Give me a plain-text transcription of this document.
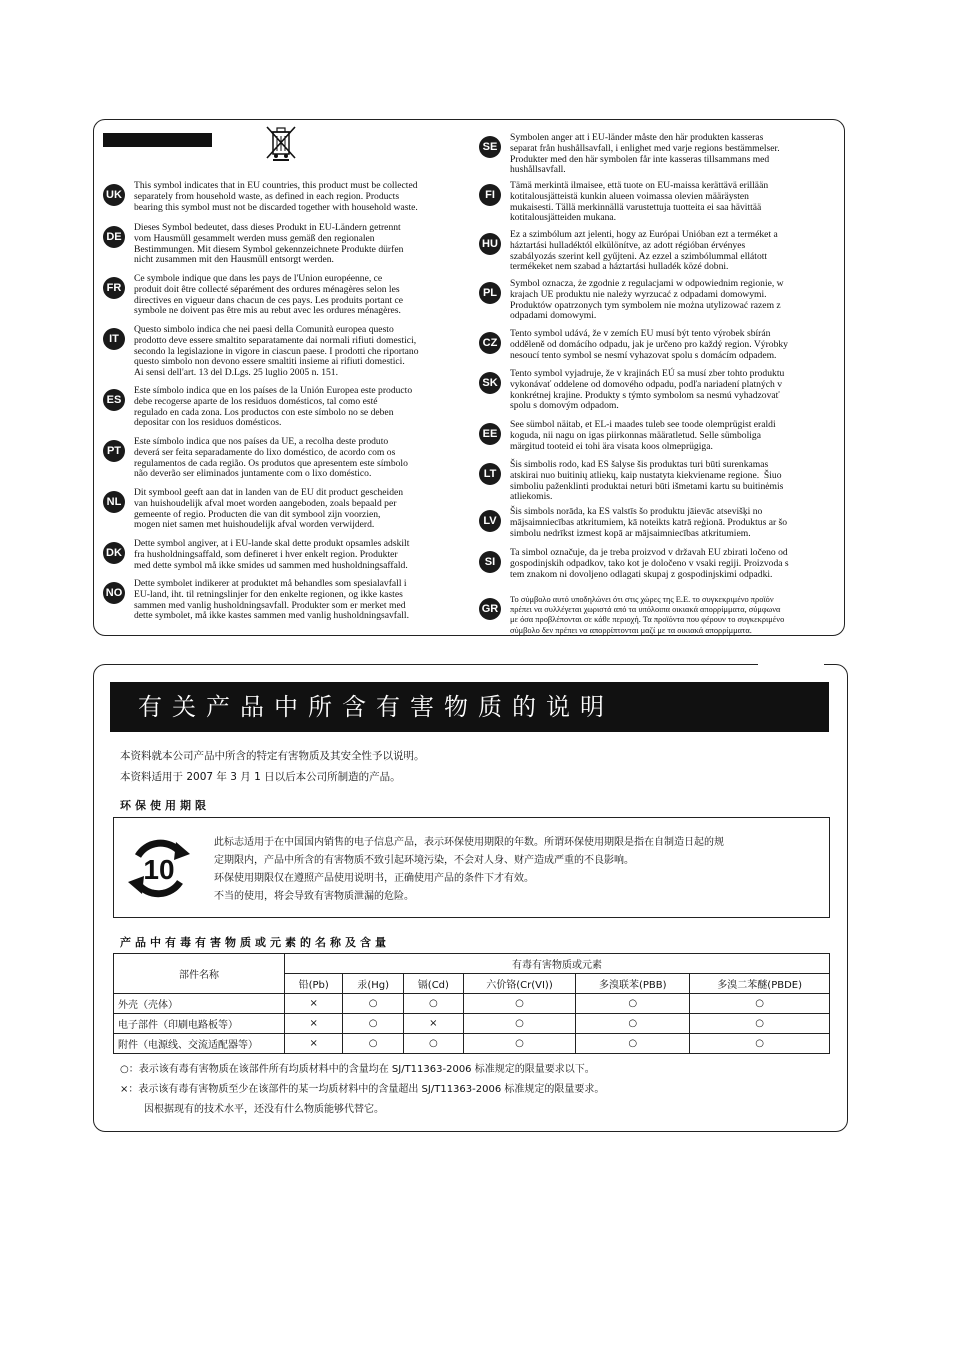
UK
This symbol indicates that in EU countries, this product must be collected
separately from household waste, as defined in each region. Products
bearing this symbol must not be discarded together with household waste.
DE
Dieses Symbol bedeutet, dass dieses Produkt in EU-Ländern getrennt
vom Hausmüll gesammelt werden muss gemäß den regionalen
Bestimmungen. Mit diesem Symbol gekennzeichnete Produkte dürfen
nicht zusammen mit den Hausmüll entsorgt werden.
FR
Ce symbole indique que dans les pays de l'Union européenne, ce
produit doit être collecté séparément des ordures ménagères selon les
directives en vigueur dans chacun de ces pays. Les produits portant ce
symbole ne doivent pas être mis au rebut avec les ordures ménagères.
IT
Questo simbolo indica che nei paesi della Comunità europea questo
prodotto deve essere smaltito separatamente dai normali rifiuti domestici,
secondo la legislazione in vigore in ciascun paese. I prodotti che riportano
questo simbolo non devono essere smaltiti insieme ai rifiuti domestici.
Ai sensi dell'art. 13 del D.Lgs. 25 luglio 2005 n. 151.
ES
Este símbolo indica que en los países de la Unión Europea este producto
debe recogerse aparte de los residuos domésticos, tal como esté
regulado en cada zona. Los productos con este símbolo no se deben
depositar con los residuos domésticos.
PT
Este símbolo indica que nos países da UE, a recolha deste produto
deverá ser feita separadamente do lixo doméstico, de acordo com os
regulamentos de cada região. Os produtos que apresentem este símbolo
não deverão ser eliminados juntamente com o lixo doméstico.
NL
Dit symbool geeft aan dat in landen van de EU dit product gescheiden
van huishoudelijk afval moet worden aangeboden, zoals bepaald per
gemeente of regio. Producten die van dit symbool zijn voorzien,
mogen niet samen met huishoudelijk afval worden verwijderd.
DK
Dette symbol angiver, at i EU-lande skal dette produkt opsamles adskilt
fra husholdningsaffald, som defineret i hver enkelt region. Produkter
med dette symbol må ikke smides ud sammen med husholdningsaffald.
NO
Dette symbolet indikerer at produktet må behandles som spesialavfall i
EU-land, iht. til retningslinjer for den enkelte regionen, og ikke kastes
sammen med vanlig husholdningsavfall. Produkter som er merket med
dette symbolet, må ikke kastes sammen med vanlig husholdningsavfall.
SE
Symbolen anger att i EU-länder måste den här produkten kasseras
separat från hushållsavfall, i enlighet med varje regions bestämmelser.
Produkter med den här symbolen får inte kasseras tillsammans med
hushållsavfall.
FI
Tämä merkintä ilmaisee, että tuote on EU-maissa kerättävä erillään
kotitalousjätteistä kunkin alueen voimassa olevien määräysten
mukaisesti. Tällä merkinnällä varustettuja tuotteita ei saa hävittää
kotitalousjätteiden mukana.
HU
Ez a szimbólum azt jelenti, hogy az Európai Unióban ezt a terméket a
háztartási hulladéktól elkülönítve, az adott régióban érvényes
szabályozás szerint kell gyűjteni. Az ezzel a szimbólummal ellátott
termékeket nem szabad a háztartási hulladék közé dobni.
PL
Symbol oznacza, że zgodnie z regulacjami w odpowiednim regionie, w
krajach UE produktu nie należy wyrzucać z odpadami domowymi.
Produktów opatrzonych tym symbolem nie można utylizować razem z
odpadami domowymi.
CZ
Tento symbol udává, že v zemích EU musí být tento výrobek sbírán
odděleně od domácího odpadu, jak je určeno pro každý region. Výrobky
nesoucí tento symbol se nesmí vyhazovat spolu s domácím odpadem.
SK
Tento symbol vyjadruje, že v krajinách EÚ sa musí zber tohto produktu
vykonávať oddelene od domového odpadu, podľa nariadení platných v
konkrétnej krajine. Produkty s týmto symbolom sa nesmú vyhadzovať
spolu s domovým odpadom.
EE
See sümbol näitab, et EL-i maades tuleb see toode olemprügist eraldi
koguda, nii nagu on igas piirkonnas määratletud. Selle sümboliga
märgitud tooteid ei tohi ära visata koos olmeprügiga.
LT
Šis simbolis rodo, kad ES šalyse šis produktas turi būti surenkamas
atskirai nuo buitinių atliekų, kaip nustatyta kiekviename regione.  Šiuo
simboliu paženklinti produktai neturi būti išmetami kartu su buitinėmis
atliekomis.
LV
Šis simbols norāda, ka ES valstīs šo produktu jāievāc atsevišķi no
mājsaimniecības atkritumiem, kā noteikts katrā reģionā. Produktus ar šo
simbolu nedrīkst izmest kopā ar mājsaimniecības atkritumiem.
SI
Ta simbol označuje, da je treba proizvod v državah EU zbirati ločeno od
gospodinjskih odpadkov, tako kot je določeno v vsaki regiji. Proizvoda s
tem znakom ni dovoljeno odlagati skupaj z gospodinjskimi odpadki.
GR
Το σύμβολο αυτό υποδηλώνει ότι στις χώρες της Ε.Ε. το συγκεκριμένο προϊόν
πρέπει να συλλέγεται χωριστά από τα υπόλοιπα οικιακά απορρίμματα, σύμφωνα
με όσα προβλέπονται σε κάθε περιοχή. Τα προϊόντα που φέρουν το συγκεκριμένο
σύμβολο δεν πρέπει να απορρίπτονται μαζί με τα οικιακά απορρίμματα.
有关产品中所含有害物质的说明
本资料就本公司产品中所含的特定有害物质及其安全性予以说明。
本资料适用于 2007 年 3 月 1 日以后本公司所制造的产品。
环保使用期限
10
此标志适用于在中国国内销售的电子信息产品，表示环保使用期限的年数。所谓环保使用期限是指在自制造日起的规
定期限内，产品中所含的有害物质不致引起环境污染，不会对人身、财产造成严重的不良影响。
环保使用期限仅在遵照产品使用说明书，正确使用产品的条件下才有效。
不当的使用，将会导致有害物质泄漏的危险。
产品中有毒有害物质或元素的名称及含量
部件名称	有毒有害物质或元素					
	铅(Pb)	汞(Hg)	镉(Cd)	六价铬(Cr(VI))	多溴联苯(PBB)	多溴二苯醚(PBDE)
外壳（壳体）	×	○	○	○	○	○
电子部件（印刷电路板等）	×	○	×	○	○	○
附件（电源线、交流适配器等）	×	○	○	○	○	○
○：表示该有毒有害物质在该部件所有均质材料中的含量均在 SJ/T11363-2006 标准规定的限量要求以下。
×：表示该有毒有害物质至少在该部件的某一均质材料中的含量超出 SJ/T11363-2006 标准规定的限量要求。
因根据现有的技术水平，还没有什么物质能够代替它。
